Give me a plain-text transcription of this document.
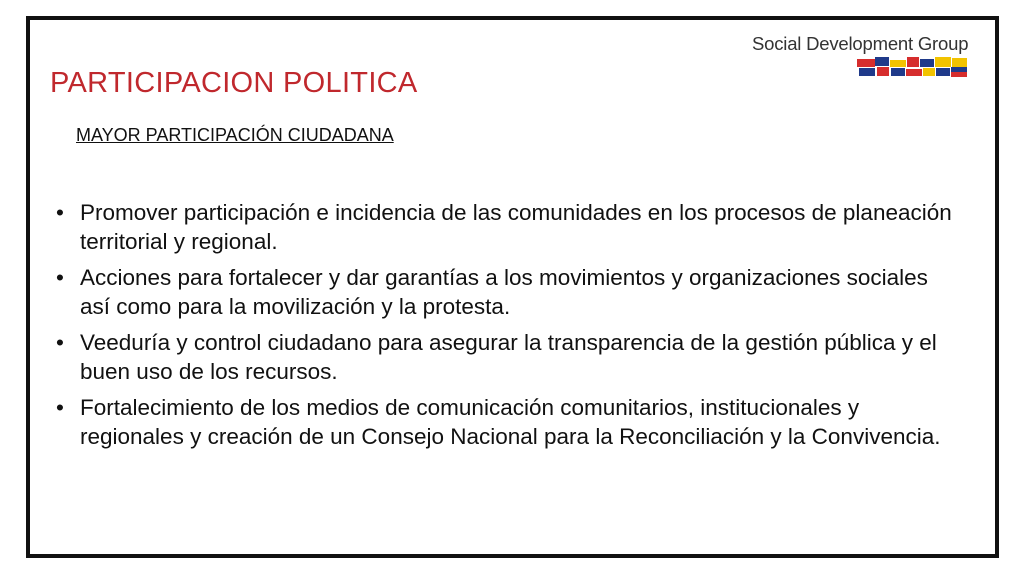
Social Development Group
PARTICIPACION POLITICA
MAYOR PARTICIPACIÓN CIUDADANA
• Promover participación e incidencia de las comunidades en los procesos de planeación territorial y regional.
• Acciones para fortalecer y dar garantías a los movimientos y organizaciones sociales así como para la movilización y la protesta.
• Veeduría y control ciudadano para asegurar la transparencia de la gestión pública y el buen uso de los recursos.
• Fortalecimiento de los medios de comunicación comunitarios, institucionales y regionales y creación de un Consejo Nacional para la Reconciliación y la Convivencia.
